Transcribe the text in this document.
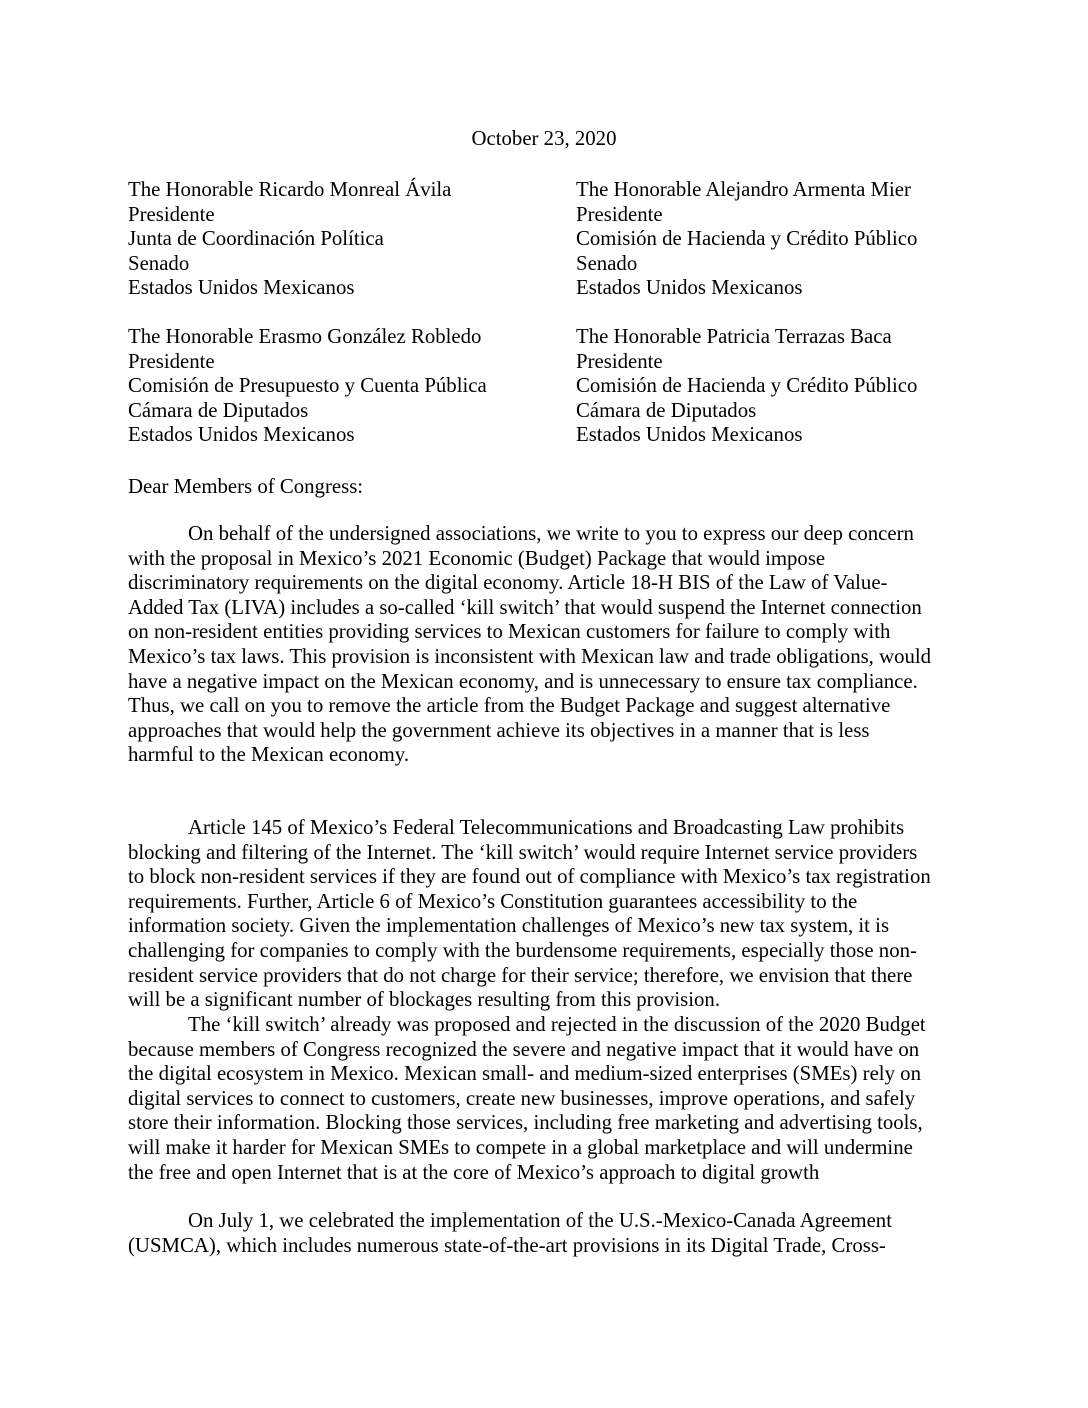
October 23, 2020
The Honorable Ricardo Monreal Ávila
Presidente
Junta de Coordinación Política
Senado
Estados Unidos Mexicanos
The Honorable Alejandro Armenta Mier
Presidente
Comisión de Hacienda y Crédito Público
Senado
Estados Unidos Mexicanos
The Honorable Erasmo González Robledo
Presidente
Comisión de Presupuesto y Cuenta Pública
Cámara de Diputados
Estados Unidos Mexicanos
The Honorable Patricia Terrazas Baca
Presidente
Comisión de Hacienda y Crédito Público
Cámara de Diputados
Estados Unidos Mexicanos
Dear Members of Congress:
On behalf of the undersigned associations, we write to you to express our deep concern
with the proposal in Mexico’s 2021 Economic (Budget) Package that would impose
discriminatory requirements on the digital economy. Article 18-H BIS of the Law of Value-
Added Tax (LIVA) includes a so-called ‘kill switch’ that would suspend the Internet connection
on non-resident entities providing services to Mexican customers for failure to comply with
Mexico’s tax laws. This provision is inconsistent with Mexican law and trade obligations, would
have a negative impact on the Mexican economy, and is unnecessary to ensure tax compliance.
Thus, we call on you to remove the article from the Budget Package and suggest alternative
approaches that would help the government achieve its objectives in a manner that is less
harmful to the Mexican economy.
Article 145 of Mexico’s Federal Telecommunications and Broadcasting Law prohibits
blocking and filtering of the Internet. The ‘kill switch’ would require Internet service providers
to block non-resident services if they are found out of compliance with Mexico’s tax registration
requirements. Further, Article 6 of Mexico’s Constitution guarantees accessibility to the
information society. Given the implementation challenges of Mexico’s new tax system, it is
challenging for companies to comply with the burdensome requirements, especially those non-
resident service providers that do not charge for their service; therefore, we envision that there
will be a significant number of blockages resulting from this provision.
The ‘kill switch’ already was proposed and rejected in the discussion of the 2020 Budget
because members of Congress recognized the severe and negative impact that it would have on
the digital ecosystem in Mexico. Mexican small- and medium-sized enterprises (SMEs) rely on
digital services to connect to customers, create new businesses, improve operations, and safely
store their information. Blocking those services, including free marketing and advertising tools,
will make it harder for Mexican SMEs to compete in a global marketplace and will undermine
the free and open Internet that is at the core of Mexico’s approach to digital growth
On July 1, we celebrated the implementation of the U.S.-Mexico-Canada Agreement
(USMCA), which includes numerous state-of-the-art provisions in its Digital Trade, Cross-
